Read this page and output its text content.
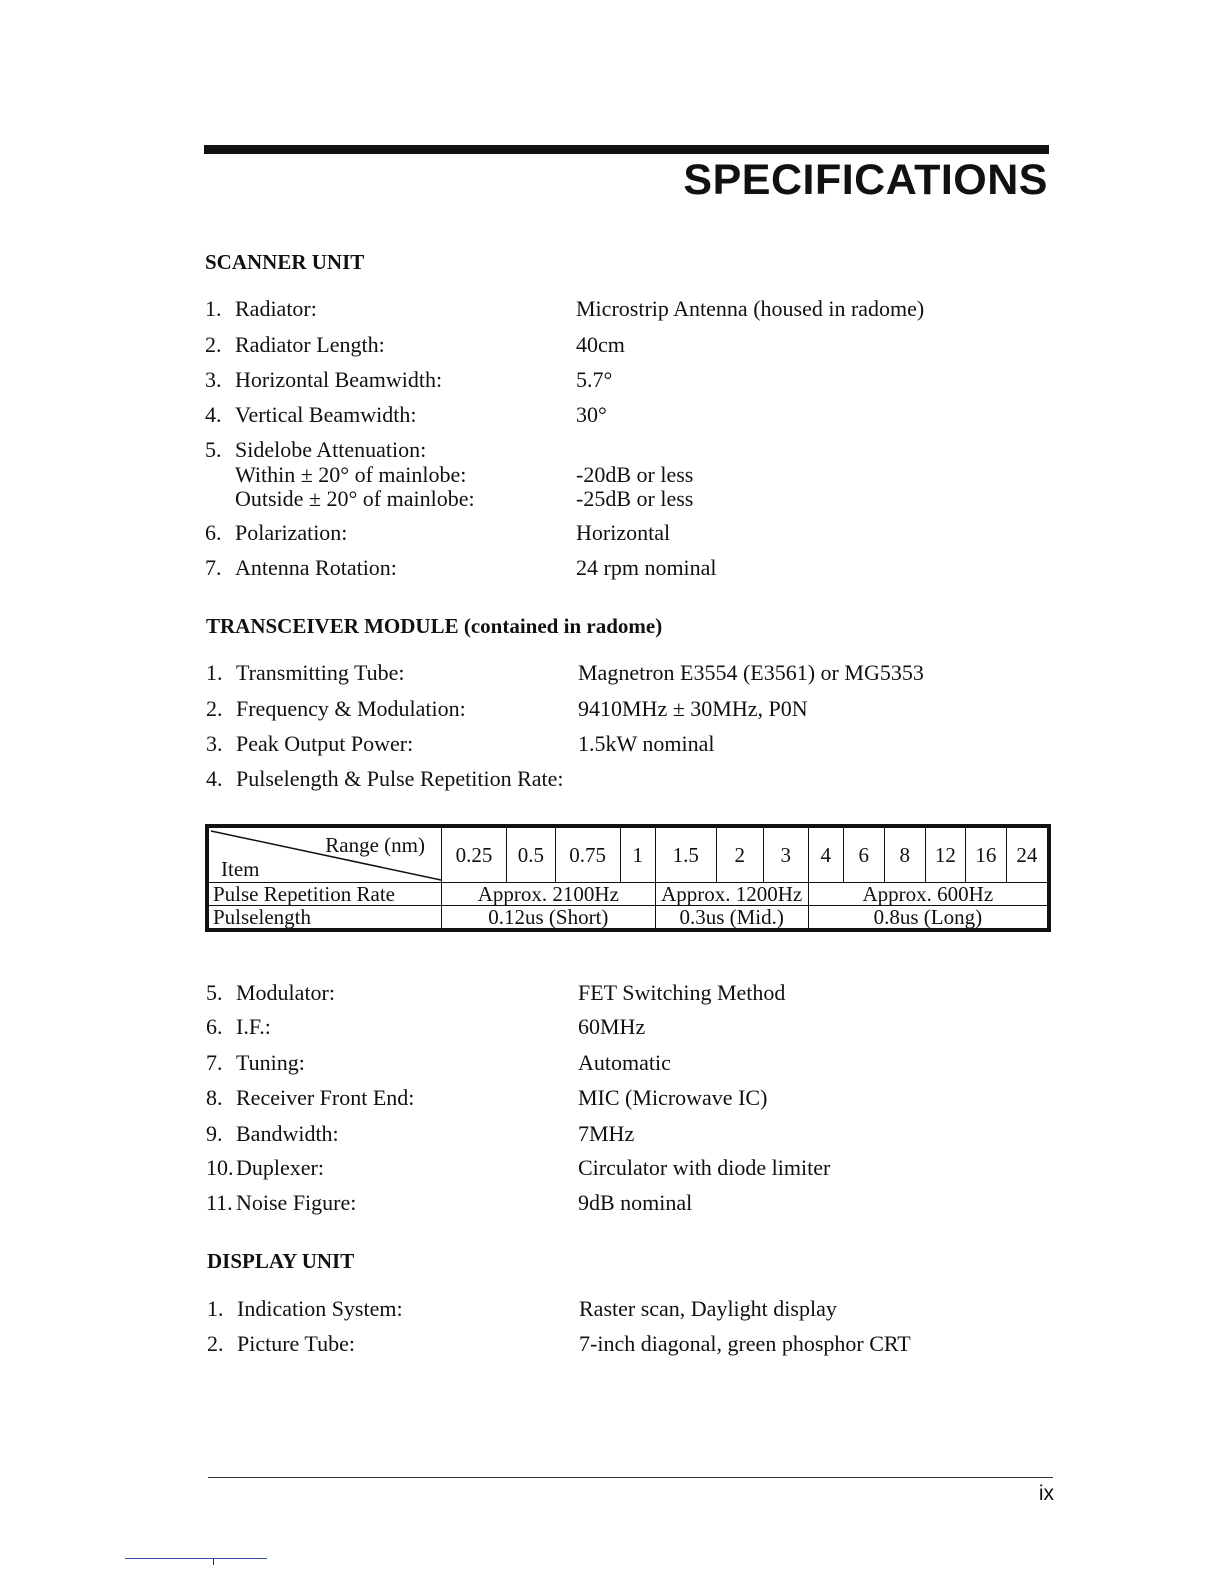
SPECIFICATIONS
SCANNER UNIT
1. Radiator:	Microstrip Antenna (housed in radome)
2. Radiator Length:	40cm
3. Horizontal Beamwidth:	5.7°
4. Vertical Beamwidth:	30°
5. Sidelobe Attenuation:
Within ± 20° of mainlobe:	-20dB or less
Outside ± 20° of mainlobe:	-25dB or less
6. Polarization:	Horizontal
7. Antenna Rotation:	24 rpm nominal
TRANSCEIVER MODULE (contained in radome)
1. Transmitting Tube:	Magnetron E3554 (E3561) or MG5353
2. Frequency & Modulation:	9410MHz ± 30MHz, P0N
3. Peak Output Power:	1.5kW nominal
4. Pulselength & Pulse Repetition Rate:
Range (nm)
Item	0.25	0.5	0.75	1	1.5	2	3	4	6	8	12	16	24
Pulse Repetition Rate	Approx. 2100Hz				Approx. 1200Hz			Approx. 600Hz					
Pulselength	0.12us (Short)				0.3us (Mid.)			0.8us (Long)					
5. Modulator:	FET Switching Method
6. I.F.:	60MHz
7. Tuning:	Automatic
8. Receiver Front End:	MIC (Microwave IC)
9. Bandwidth:	7MHz
10. Duplexer:	Circulator with diode limiter
11. Noise Figure:	9dB nominal
DISPLAY UNIT
1. Indication System:	Raster scan, Daylight display
2. Picture Tube:	7-inch diagonal, green phosphor CRT
ix
